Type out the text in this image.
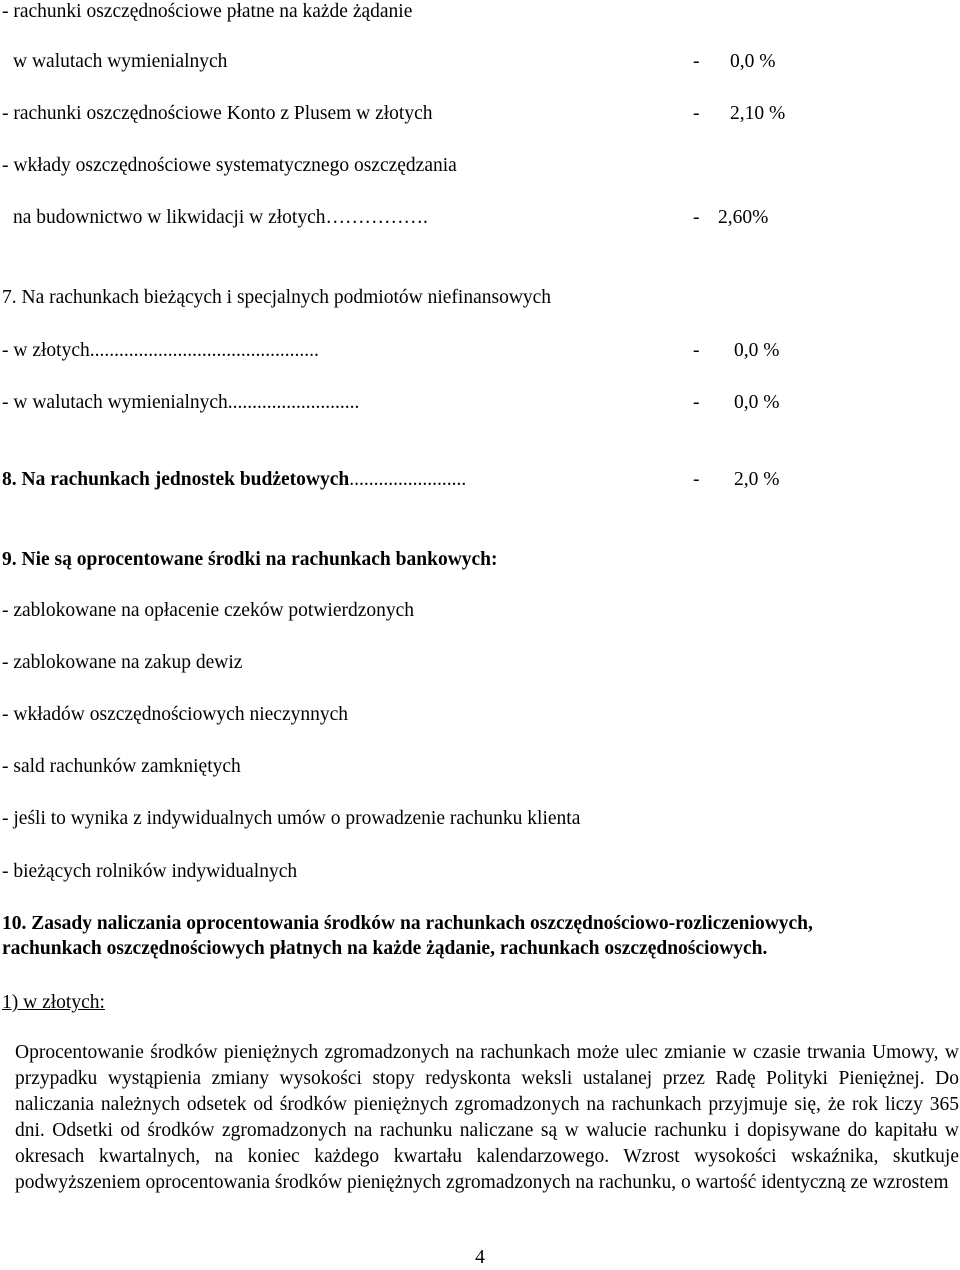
- rachunki oszczędnościowe płatne na każde żądanie
w walutach wymienialnych	- 0,0 %
- rachunki oszczędnościowe Konto z Plusem w złotych	- 2,10 %
- wkłady oszczędnościowe systematycznego oszczędzania
na budownictwo w likwidacji w złotych…………….	- 2,60%
7. Na rachunkach bieżących i specjalnych podmiotów niefinansowych
- w złotych...............................................	- 0,0 %
- w walutach wymienialnych...........................	- 0,0 %
8. Na rachunkach jednostek budżetowych........................	- 2,0 %
9. Nie są oprocentowane środki na rachunkach bankowych:
- zablokowane na opłacenie czeków potwierdzonych
- zablokowane na zakup dewiz
- wkładów oszczędnościowych nieczynnych
- sald rachunków zamkniętych
- jeśli to wynika z indywidualnych umów o prowadzenie rachunku klienta
- bieżących rolników indywidualnych
10. Zasady naliczania oprocentowania środków na rachunkach oszczędnościowo-rozliczeniowych,
rachunkach oszczędnościowych płatnych na każde żądanie, rachunkach oszczędnościowych.
1) w złotych:
Oprocentowanie środków pieniężnych zgromadzonych na rachunkach może ulec zmianie w czasie trwania Umowy, w przypadku wystąpienia zmiany wysokości stopy redyskonta weksli ustalanej przez Radę Polityki Pieniężnej. Do naliczania należnych odsetek od środków pieniężnych zgromadzonych na rachunkach przyjmuje się, że rok liczy 365 dni. Odsetki od środków zgromadzonych na rachunku naliczane są w walucie rachunku i dopisywane do kapitału w okresach kwartalnych, na koniec każdego kwartału kalendarzowego. Wzrost wysokości wskaźnika, skutkuje podwyższeniem oprocentowania środków pieniężnych zgromadzonych na rachunku, o wartość identyczną ze wzrostem
4
